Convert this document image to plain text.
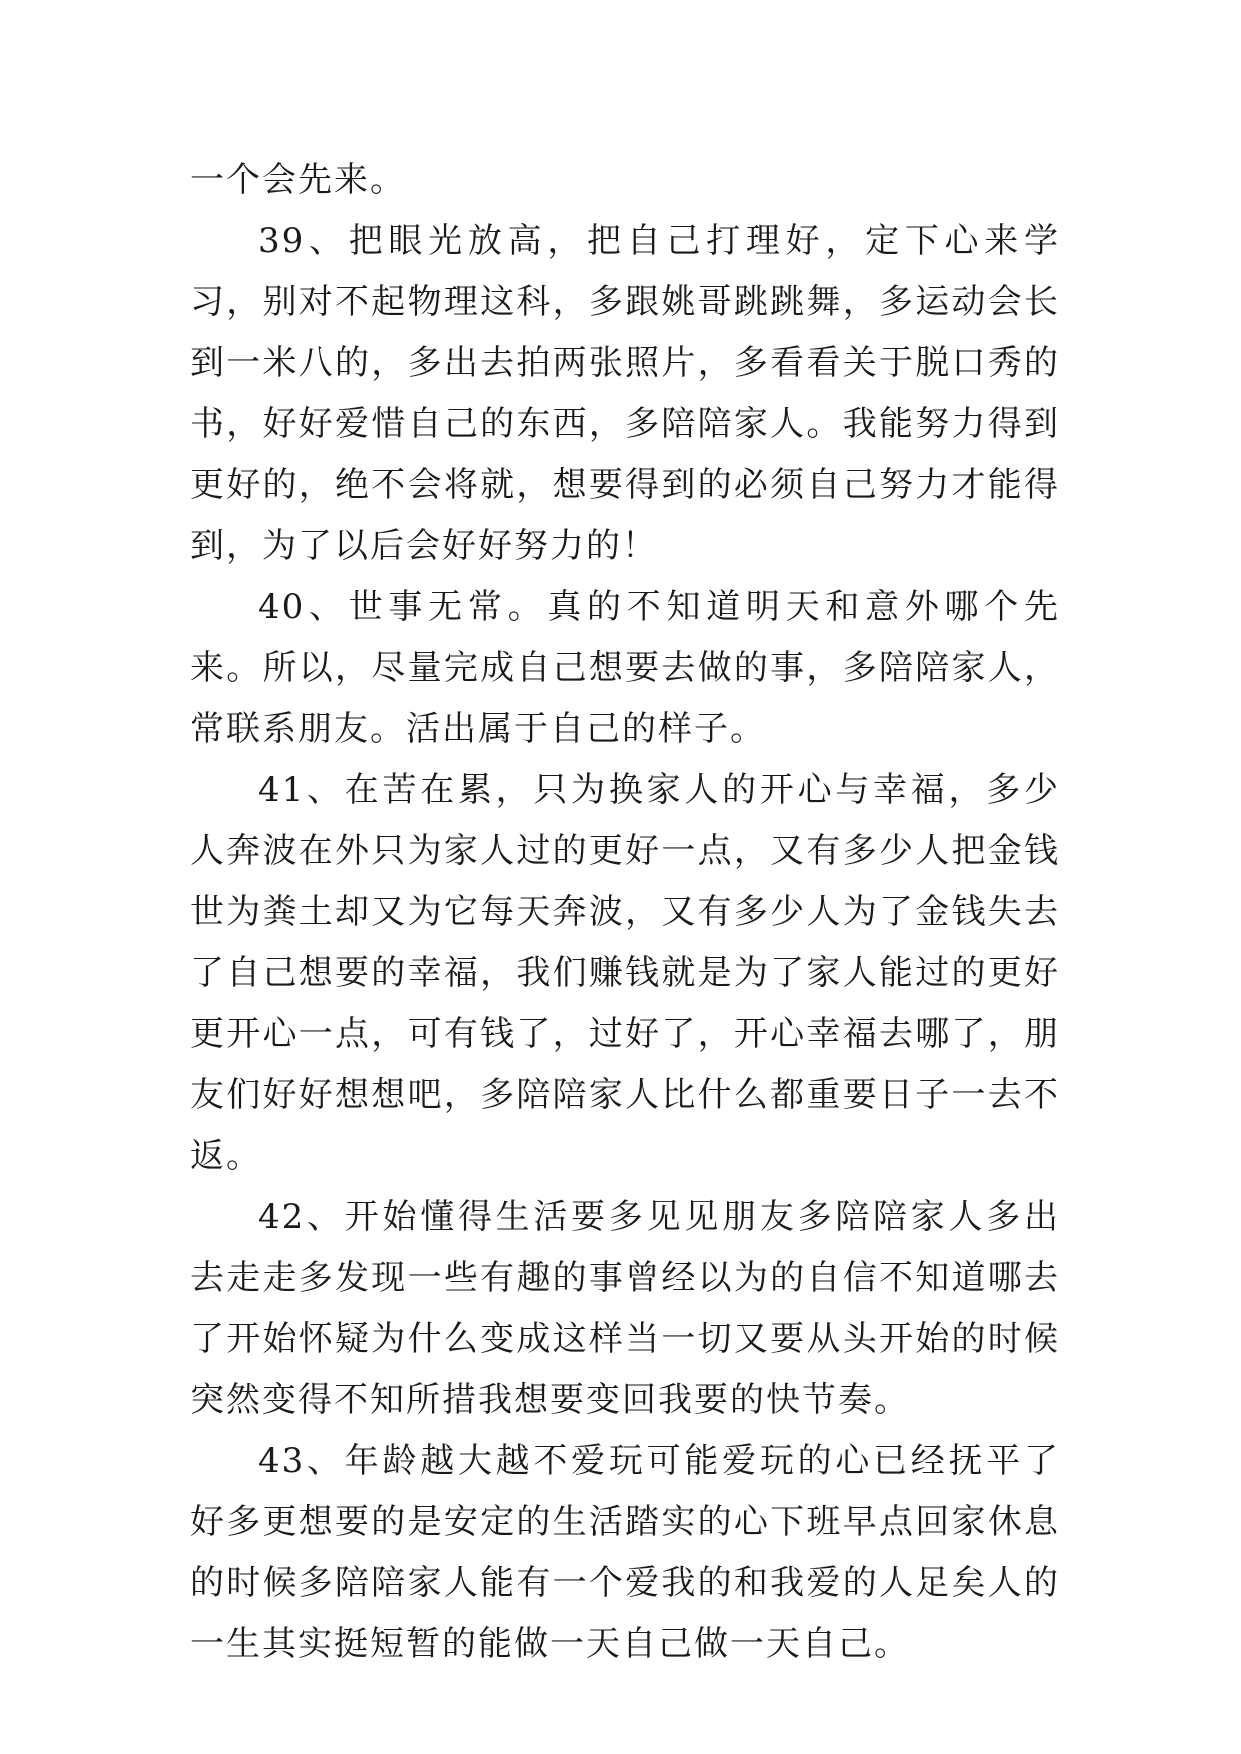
一个会先来。

39、把眼光放高，把自己打理好，定下心来学习，别对不起物理这科，多跟姚哥跳跳舞，多运动会长到一米八的，多出去拍两张照片，多看看关于脱口秀的书，好好爱惜自己的东西，多陪陪家人。我能努力得到更好的，绝不会将就，想要得到的必须自己努力才能得到，为了以后会好好努力的！

40、世事无常。真的不知道明天和意外哪个先来。所以，尽量完成自己想要去做的事，多陪陪家人，常联系朋友。活出属于自己的样子。

41、在苦在累，只为换家人的开心与幸福，多少人奔波在外只为家人过的更好一点，又有多少人把金钱世为粪土却又为它每天奔波，又有多少人为了金钱失去了自己想要的幸福，我们赚钱就是为了家人能过的更好更开心一点，可有钱了，过好了，开心幸福去哪了，朋友们好好想想吧，多陪陪家人比什么都重要日子一去不返。

42、开始懂得生活要多见见朋友多陪陪家人多出去走走多发现一些有趣的事曾经以为的自信不知道哪去了开始怀疑为什么变成这样当一切又要从头开始的时候突然变得不知所措我想要变回我要的快节奏。

43、年龄越大越不爱玩可能爱玩的心已经抚平了好多更想要的是安定的生活踏实的心下班早点回家休息的时候多陪陪家人能有一个爱我的和我爱的人足矣人的一生其实挺短暂的能做一天自己做一天自己。
